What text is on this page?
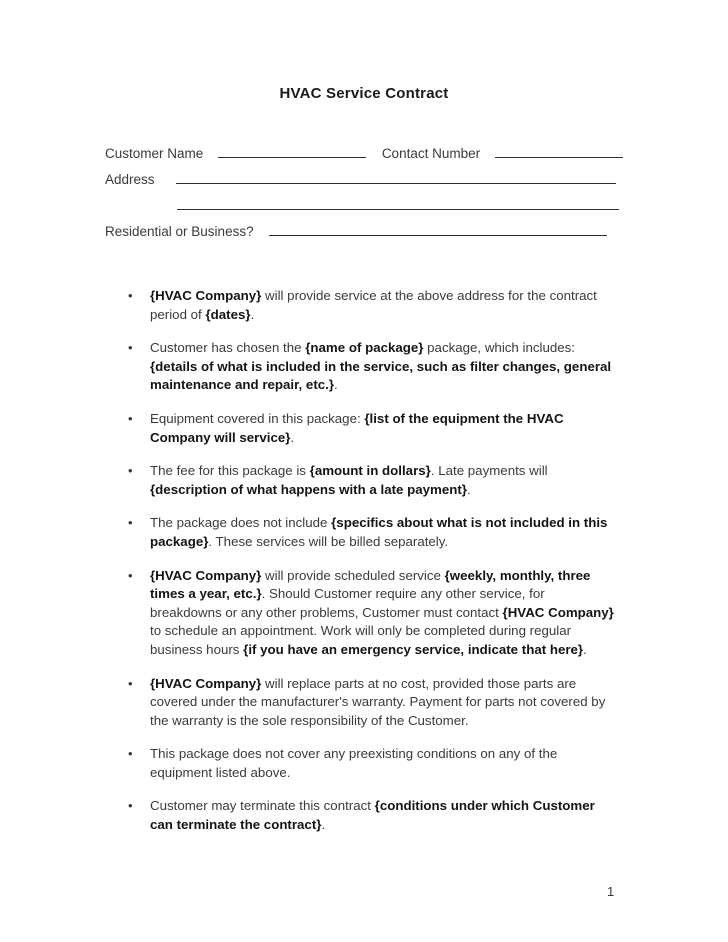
HVAC Service Contract
Customer Name	Contact Number
Address
Residential or Business?
• {HVAC Company} will provide service at the above address for the contract period of {dates}.
• Customer has chosen the {name of package} package, which includes: {details of what is included in the service, such as filter changes, general maintenance and repair, etc.}.
• Equipment covered in this package: {list of the equipment the HVAC Company will service}.
• The fee for this package is {amount in dollars}. Late payments will {description of what happens with a late payment}.
• The package does not include {specifics about what is not included in this package}. These services will be billed separately.
• {HVAC Company} will provide scheduled service {weekly, monthly, three times a year, etc.}. Should Customer require any other service, for breakdowns or any other problems, Customer must contact {HVAC Company} to schedule an appointment. Work will only be completed during regular business hours {if you have an emergency service, indicate that here}.
• {HVAC Company} will replace parts at no cost, provided those parts are covered under the manufacturer's warranty. Payment for parts not covered by the warranty is the sole responsibility of the Customer.
• This package does not cover any preexisting conditions on any of the equipment listed above.
• Customer may terminate this contract {conditions under which Customer can terminate the contract}.
1
